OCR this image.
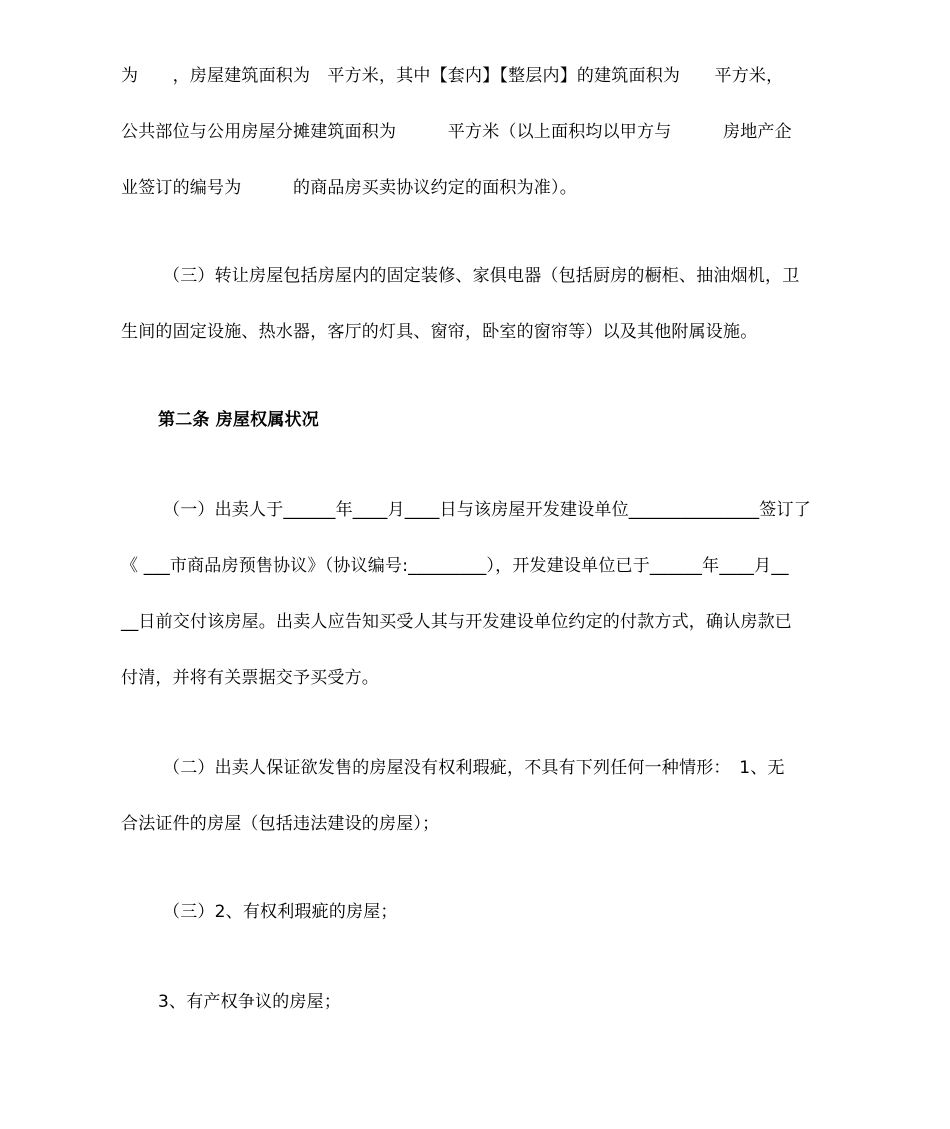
为　　，房屋建筑面积为　平方米，其中【套内】【整层内】的建筑面积为　　平方米，
公共部位与公用房屋分摊建筑面积为　　　平方米（以上面积均以甲方与　　　房地产企
业签订的编号为　　　的商品房买卖协议约定的面积为准）。
（三）转让房屋包括房屋内的固定装修、家俱电器（包括厨房的橱柜、抽油烟机，卫
生间的固定设施、热水器，客厅的灯具、窗帘，卧室的窗帘等）以及其他附属设施。
第二条 房屋权属状况
（一）出卖人于______年____月____日与该房屋开发建设单位_______________签订了
《 ___市商品房预售协议》（协议编号:_________），开发建设单位已于______年____月__
__日前交付该房屋。出卖人应告知买受人其与开发建设单位约定的付款方式，确认房款已
付清，并将有关票据交予买受方。
（二）出卖人保证欲发售的房屋没有权利瑕疵，不具有下列任何一种情形：　1、无
合法证件的房屋（包括违法建设的房屋）；
（三）2、有权利瑕疵的房屋；
3、有产权争议的房屋；
